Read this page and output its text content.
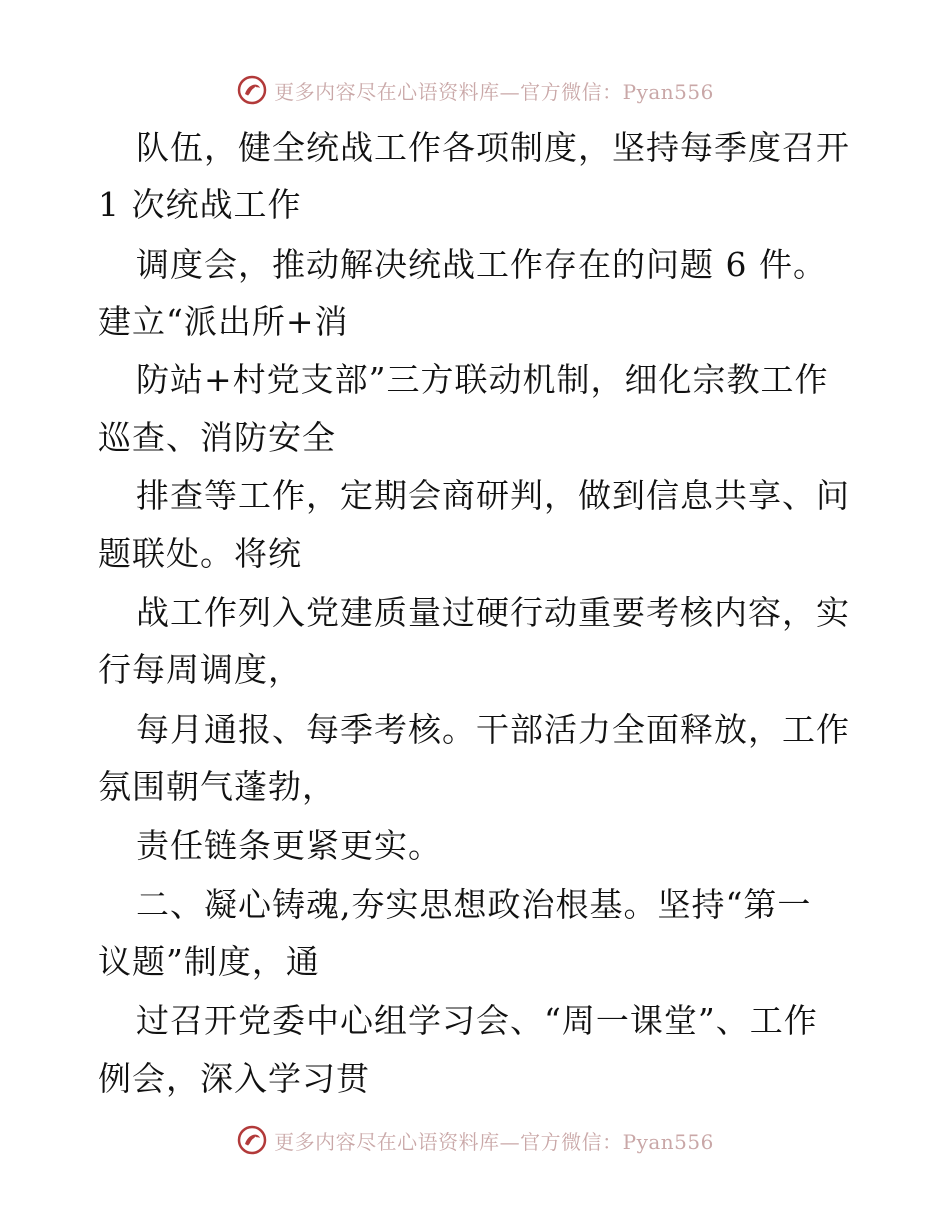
更多内容尽在心语资料库—官方微信：Pyan556
队伍，健全统战工作各项制度，坚持每季度召开
1 次统战工作
调度会，推动解决统战工作存在的问题 6 件。
建立“派出所+消
防站+村党支部”三方联动机制，细化宗教工作
巡查、消防安全
排查等工作，定期会商研判，做到信息共享、问
题联处。将统
战工作列入党建质量过硬行动重要考核内容，实
行每周调度，
每月通报、每季考核。干部活力全面释放，工作
氛围朝气蓬勃，
责任链条更紧更实。
二、凝心铸魂,夯实思想政治根基。坚持“第一
议题”制度，通
过召开党委中心组学习会、“周一课堂”、工作
例会，深入学习贯
更多内容尽在心语资料库—官方微信：Pyan556
